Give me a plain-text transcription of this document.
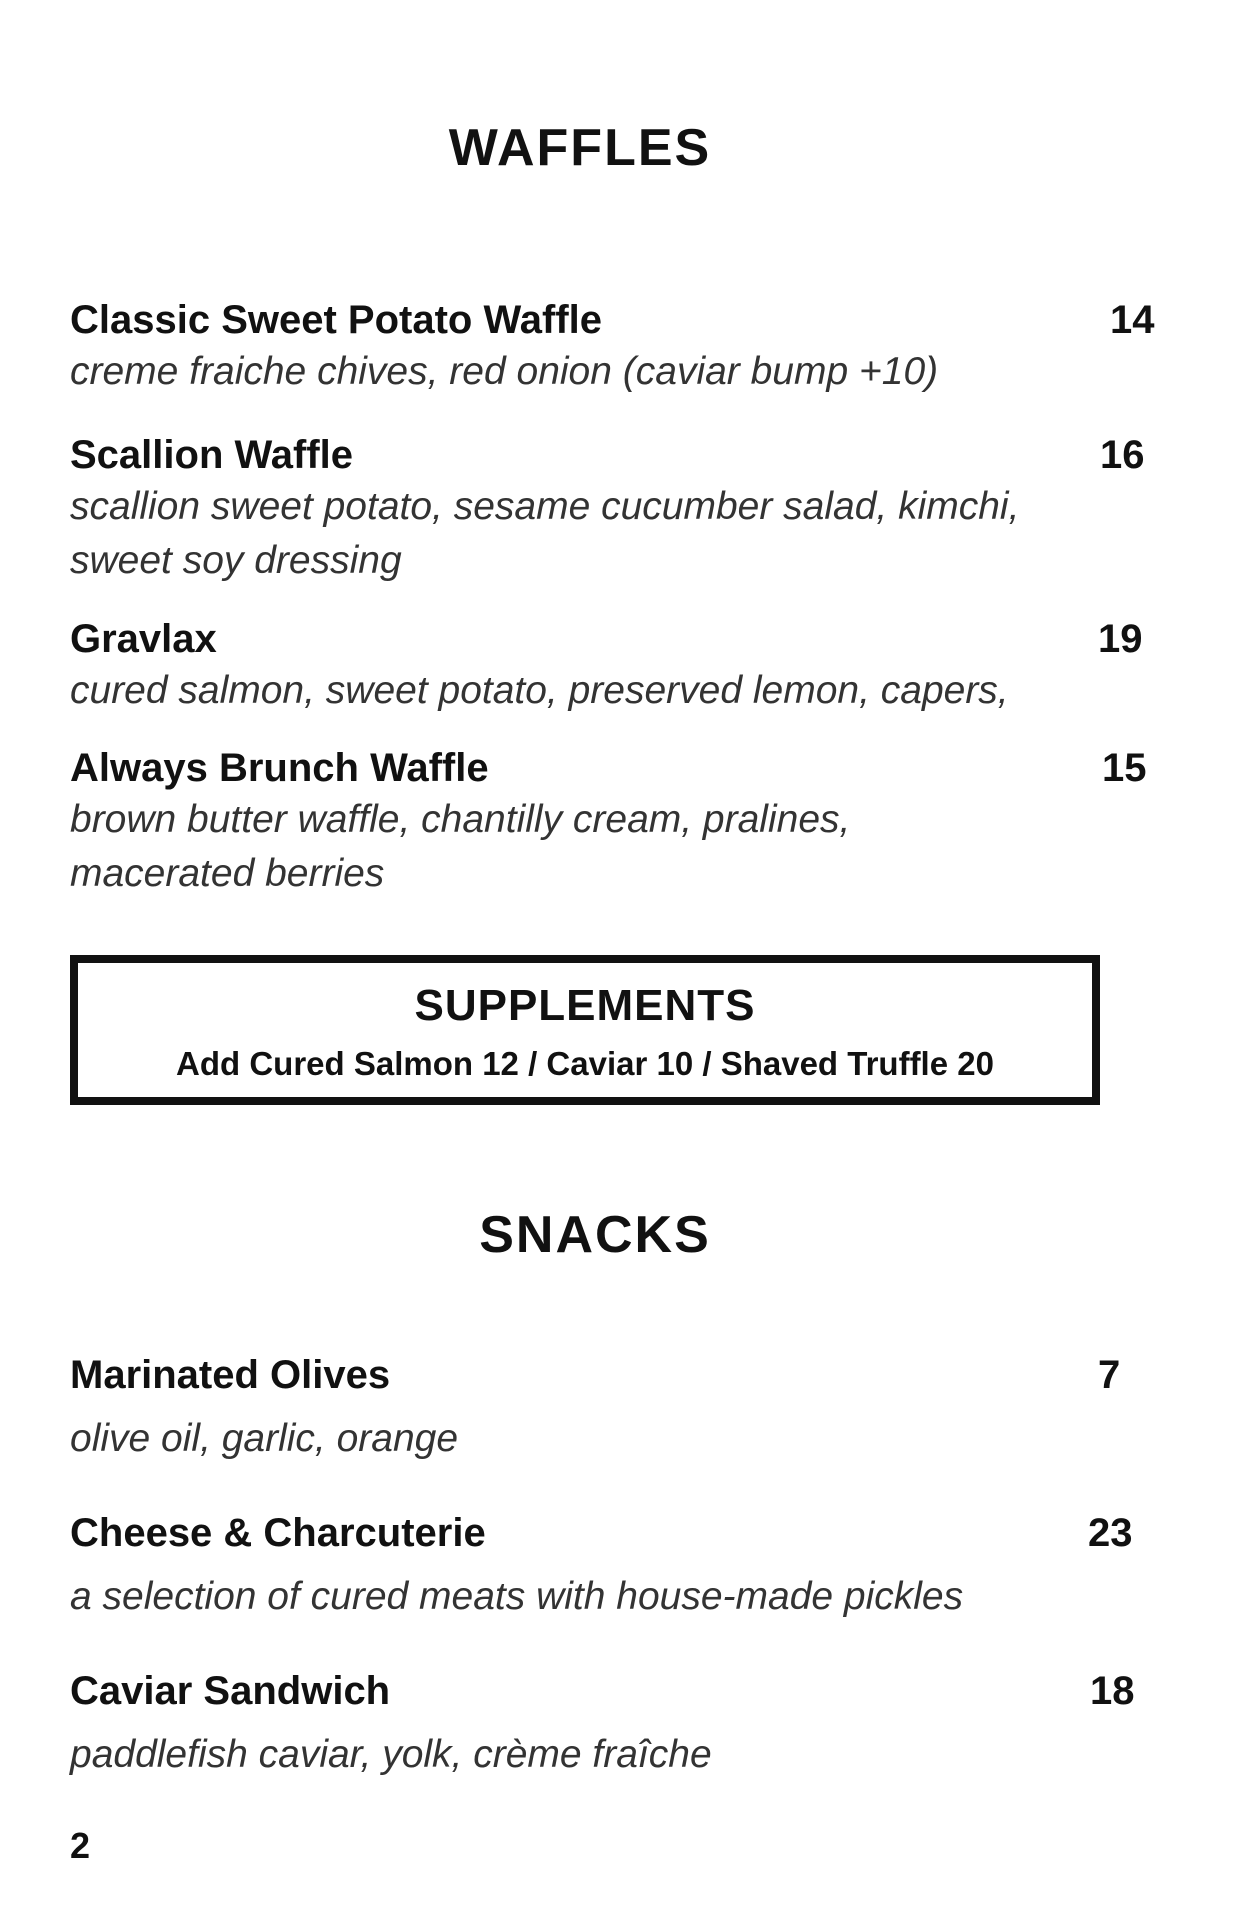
WAFFLES
Classic Sweet Potato Waffle	14
creme fraiche chives, red onion (caviar bump +10)
Scallion Waffle	16
scallion sweet potato, sesame cucumber salad, kimchi,
sweet soy dressing
Gravlax	19
cured salmon, sweet potato, preserved lemon, capers,
Always Brunch Waffle	15
brown butter waffle, chantilly cream, pralines,
macerated berries
SUPPLEMENTS
Add Cured Salmon 12 / Caviar 10 / Shaved Truffle 20
SNACKS
Marinated Olives	7
olive oil, garlic, orange
Cheese & Charcuterie	23
a selection of cured meats with house-made pickles
Caviar Sandwich	18
paddlefish caviar, yolk, crème fraîche
2
